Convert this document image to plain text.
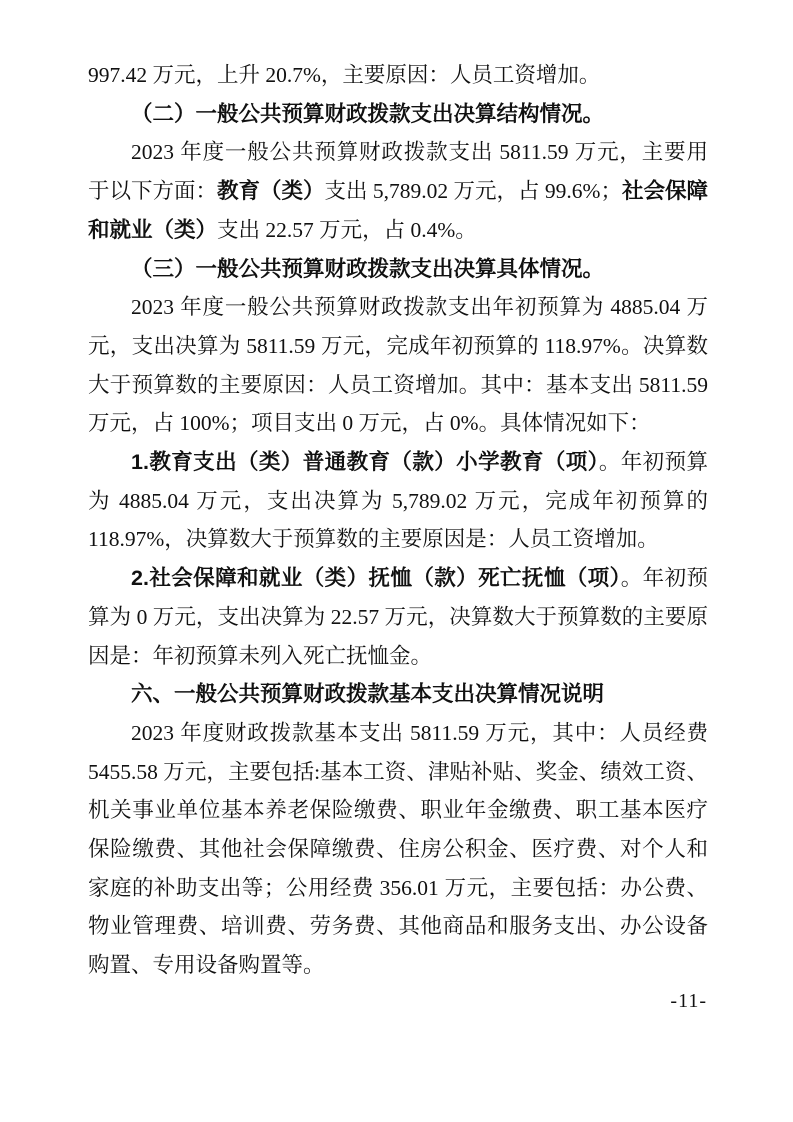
997.42 万元，上升 20.7%，主要原因：人员工资增加。

（二）一般公共预算财政拨款支出决算结构情况。

2023 年度一般公共预算财政拨款支出 5811.59 万元，主要用于以下方面：教育（类）支出 5,789.02 万元，占 99.6%；社会保障和就业（类）支出 22.57 万元，占 0.4%。

（三）一般公共预算财政拨款支出决算具体情况。

2023 年度一般公共预算财政拨款支出年初预算为 4885.04 万元，支出决算为 5811.59 万元，完成年初预算的 118.97%。决算数大于预算数的主要原因：人员工资增加。其中：基本支出 5811.59 万元，占 100%；项目支出 0 万元，占 0%。具体情况如下：

1.教育支出（类）普通教育（款）小学教育（项）。年初预算为 4885.04 万元，支出决算为 5,789.02 万元，完成年初预算的 118.97%，决算数大于预算数的主要原因是：人员工资增加。

2.社会保障和就业（类）抚恤（款）死亡抚恤（项）。年初预算为 0 万元，支出决算为 22.57 万元，决算数大于预算数的主要原因是：年初预算未列入死亡抚恤金。

六、一般公共预算财政拨款基本支出决算情况说明

2023 年度财政拨款基本支出 5811.59 万元，其中：人员经费 5455.58 万元，主要包括:基本工资、津贴补贴、奖金、绩效工资、机关事业单位基本养老保险缴费、职业年金缴费、职工基本医疗保险缴费、其他社会保障缴费、住房公积金、医疗费、对个人和家庭的补助支出等；公用经费 356.01 万元，主要包括：办公费、物业管理费、培训费、劳务费、其他商品和服务支出、办公设备购置、专用设备购置等。

-11-
